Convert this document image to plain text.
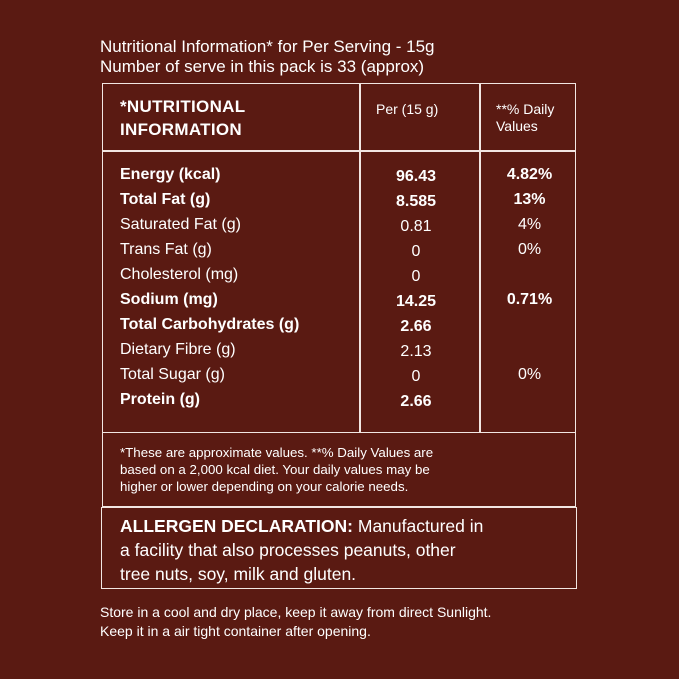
Nutritional Information* for Per Serving - 15g
Number of serve in this pack is 33 (approx)
*NUTRITIONAL
INFORMATION
Per (15 g)	**% Daily
Values
Energy (kcal)	96.43	4.82%
Total Fat (g)	8.585	13%
Saturated Fat (g)	0.81	4%
Trans Fat (g)	0	0%
Cholesterol (mg)	0
Sodium (mg)	14.25	0.71%
Total Carbohydrates (g)	2.66
Dietary Fibre (g)	2.13
Total Sugar (g)	0	0%
Protein (g)	2.66
*These are approximate values. **% Daily Values are
based on a 2,000 kcal diet. Your daily values may be
higher or lower depending on your calorie needs.
ALLERGEN DECLARATION: Manufactured in
a facility that also processes peanuts, other
tree nuts, soy, milk and gluten.
Store in a cool and dry place, keep it away from direct Sunlight.
Keep it in a air tight container after opening.
